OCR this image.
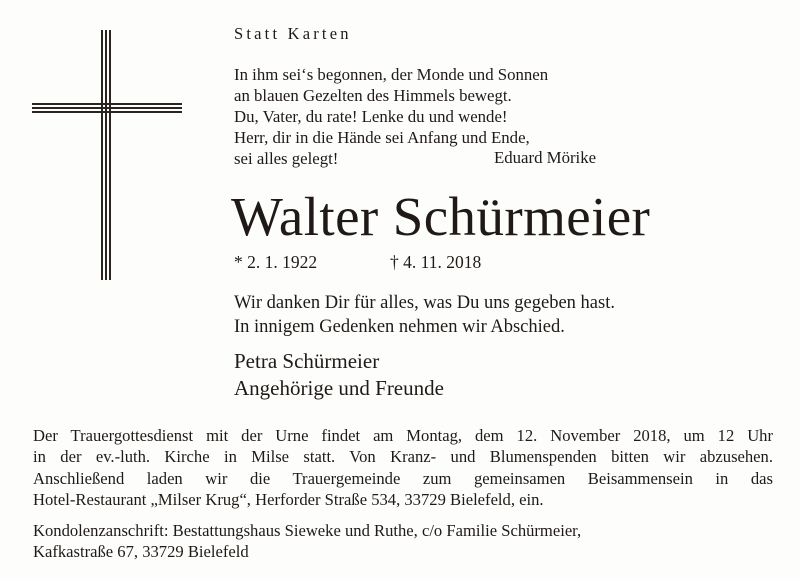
Statt Karten
In ihm sei‘s begonnen, der Monde und Sonnen
an blauen Gezelten des Himmels bewegt.
Du, Vater, du rate! Lenke du und wende!
Herr, dir in die Hände sei Anfang und Ende,
sei alles gelegt!	Eduard Mörike
Walter Schürmeier
* 2. 1. 1922	† 4. 11. 2018
Wir danken Dir für alles, was Du uns gegeben hast.
In innigem Gedenken nehmen wir Abschied.
Petra Schürmeier
Angehörige und Freunde
Der Trauergottesdienst mit der Urne findet am Montag, dem 12. November 2018, um 12 Uhr
in der ev.-luth. Kirche in Milse statt. Von Kranz- und Blumenspenden bitten wir abzusehen.
Anschließend laden wir die Trauergemeinde zum gemeinsamen Beisammensein in das
Hotel-Restaurant „Milser Krug“, Herforder Straße 534, 33729 Bielefeld, ein.
Kondolenzanschrift: Bestattungshaus Sieweke und Ruthe, c/o Familie Schürmeier,
Kafkastraße 67, 33729 Bielefeld
